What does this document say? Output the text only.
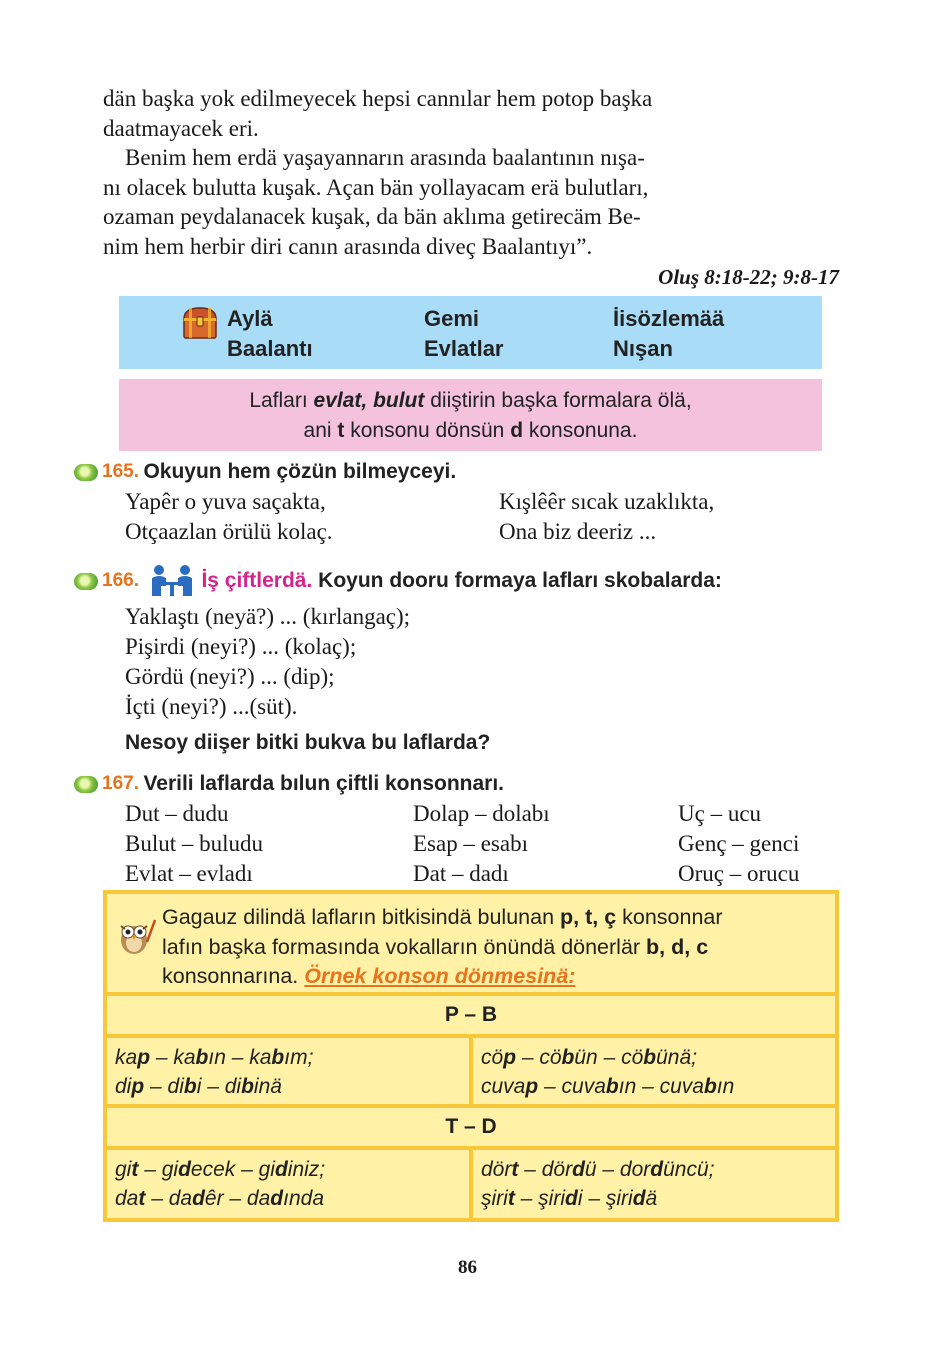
dän başka yok edilmeyecek hepsi cannılar hem potop başka

daatmayacek eri.

Benim hem erdä yaşayannarın arasında baalantının nışa-

nı olacek bulutta kuşak. Açan bän yollayacam erä bulutları,

ozaman peydalanacek kuşak, da bän aklıma getirecäm Be-

nim hem herbir diri canın arasında diveç Baalantıyı”.

Oluş 8:18-22; 9:8-17
Aylä
Baalantı
Gemi
Evlatlar
İisözlemää
Nışan
Lafları evlat, bulut diiştirin başka formalara ölä,
ani t konsonu dönsün d konsonuna.
165. Okuyun hem çözün bilmeyceyi.
Yapêr o yuva saçakta,
Otçaazlan örülü kolaç.
Kışlêêr sıcak uzaklıkta,
Ona biz deeriz ...
166.	İş çiftlerdä. Koyun dooru formaya lafları skobalarda:
Yaklaştı (neyä?) ... (kırlangaç);
Pişirdi (neyi?) ... (kolaç);
Gördü (neyi?) ... (dip);
İçti (neyi?) ...(süt).
Nesoy diişer bitki bukva bu laflarda?
167. Verili laflarda bılun çiftli konsonnarı.
Dut – dudu
Bulut – buludu
Evlat – evladı
Dolap – dolabı
Esap – esabı
Dat – dadı
Uç – ucu
Genç – genci
Oruç – orucu
Gagauz dilindä lafların bitkisindä bulunan p, t, ç konsonnar
lafın başka formasında vokalların önündä dönerlär b, d, c
konsonnarına. Örnek konson dönmesinä:
P – B
kap – kabın – kabım;
dip – dibi – dibinä
cöp – cöbün – cöbünä;
cuvap – cuvabın – cuvabın
T – D
git – gidecek – gidiniz;
dat – dadêr – dadında
dört – dördü – dordüncü;
şirit – şiridi – şiridä
86
